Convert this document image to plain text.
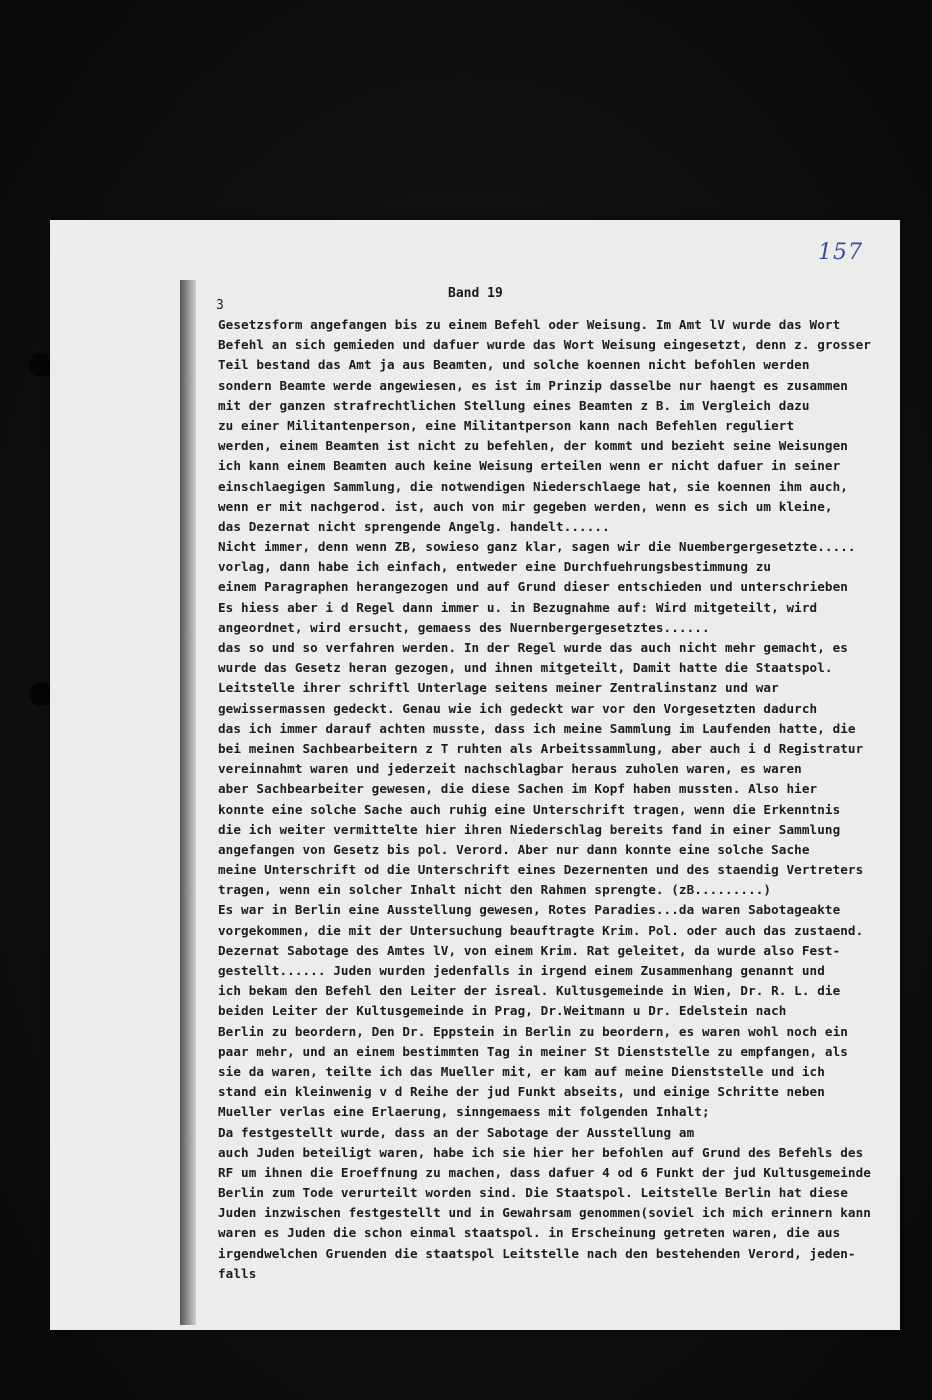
157
3
Band 19
Gesetzsform angefangen bis zu einem Befehl oder Weisung. Im Amt lV wurde das Wort
Befehl an sich gemieden und dafuer wurde das Wort Weisung eingesetzt, denn z. grosser
Teil bestand das Amt ja aus Beamten, und solche koennen nicht befohlen werden
sondern Beamte werde angewiesen, es ist im Prinzip dasselbe nur haengt es zusammen
mit der ganzen strafrechtlichen Stellung eines Beamten z B. im Vergleich dazu
zu einer Militantenperson, eine Militantperson kann nach Befehlen reguliert
werden, einem Beamten ist nicht zu befehlen, der kommt und bezieht seine Weisungen
ich kann einem Beamten auch keine Weisung erteilen wenn er nicht dafuer in seiner
einschlaegigen Sammlung, die notwendigen Niederschlaege hat, sie koennen ihm auch,
wenn er mit nachgerod. ist, auch von mir gegeben werden, wenn es sich um kleine,
das Dezernat nicht sprengende Angelg. handelt......
Nicht immer, denn wenn ZB, sowieso ganz klar, sagen wir die Nuembergergesetzte.....
vorlag, dann habe ich einfach, entweder eine Durchfuehrungsbestimmung zu
einem Paragraphen herangezogen und auf Grund dieser entschieden und unterschrieben
Es hiess aber i d Regel dann immer u. in Bezugnahme auf: Wird mitgeteilt, wird
angeordnet, wird ersucht, gemaess des Nuernbergergesetztes......
das so und so verfahren werden. In der Regel wurde das auch nicht mehr gemacht, es
wurde das Gesetz heran gezogen, und ihnen mitgeteilt, Damit hatte die Staatspol.
Leitstelle ihrer schriftl Unterlage seitens meiner Zentralinstanz und war
gewissermassen gedeckt. Genau wie ich gedeckt war vor den Vorgesetzten dadurch
das ich immer darauf achten musste, dass ich meine Sammlung im Laufenden hatte, die
bei meinen Sachbearbeitern z T ruhten als Arbeitssammlung, aber auch i d Registratur
vereinnahmt waren und jederzeit nachschlagbar heraus zuholen waren, es waren
aber Sachbearbeiter gewesen, die diese Sachen im Kopf haben mussten. Also hier
konnte eine solche Sache auch ruhig eine Unterschrift tragen, wenn die Erkenntnis
die ich weiter vermittelte hier ihren Niederschlag bereits fand in einer Sammlung
angefangen von Gesetz bis pol. Verord. Aber nur dann konnte eine solche Sache
meine Unterschrift od die Unterschrift eines Dezernenten und des staendig Vertreters
tragen, wenn ein solcher Inhalt nicht den Rahmen sprengte. (zB.........)
Es war in Berlin eine Ausstellung gewesen, Rotes Paradies...da waren Sabotageakte
vorgekommen, die mit der Untersuchung beauftragte Krim. Pol. oder auch das zustaend.
Dezernat Sabotage des Amtes lV, von einem Krim. Rat geleitet, da wurde also Fest-
gestellt...... Juden wurden jedenfalls in irgend einem Zusammenhang genannt und
ich bekam den Befehl den Leiter der isreal. Kultusgemeinde in Wien, Dr. R. L. die
beiden Leiter der Kultusgemeinde in Prag, Dr.Weitmann u Dr. Edelstein nach
Berlin zu beordern, Den Dr. Eppstein in Berlin zu beordern, es waren wohl noch ein
paar mehr, und an einem bestimmten Tag in meiner St Dienststelle zu empfangen, als
sie da waren, teilte ich das Mueller mit, er kam auf meine Dienststelle und ich
stand ein kleinwenig v d Reihe der jud Funkt abseits, und einige Schritte neben
Mueller verlas eine Erlaerung, sinngemaess mit folgenden Inhalt;
Da festgestellt wurde, dass an der Sabotage der Ausstellung am
auch Juden beteiligt waren, habe ich sie hier her befohlen auf Grund des Befehls des
RF um ihnen die Eroeffnung zu machen, dass dafuer 4 od 6 Funkt der jud Kultusgemeinde
Berlin zum Tode verurteilt worden sind. Die Staatspol. Leitstelle Berlin hat diese
Juden inzwischen festgestellt und in Gewahrsam genommen(soviel ich mich erinnern kann
waren es Juden die schon einmal staatspol. in Erscheinung getreten waren, die aus
irgendwelchen Gruenden die staatspol Leitstelle nach den bestehenden Verord, jeden-
falls
